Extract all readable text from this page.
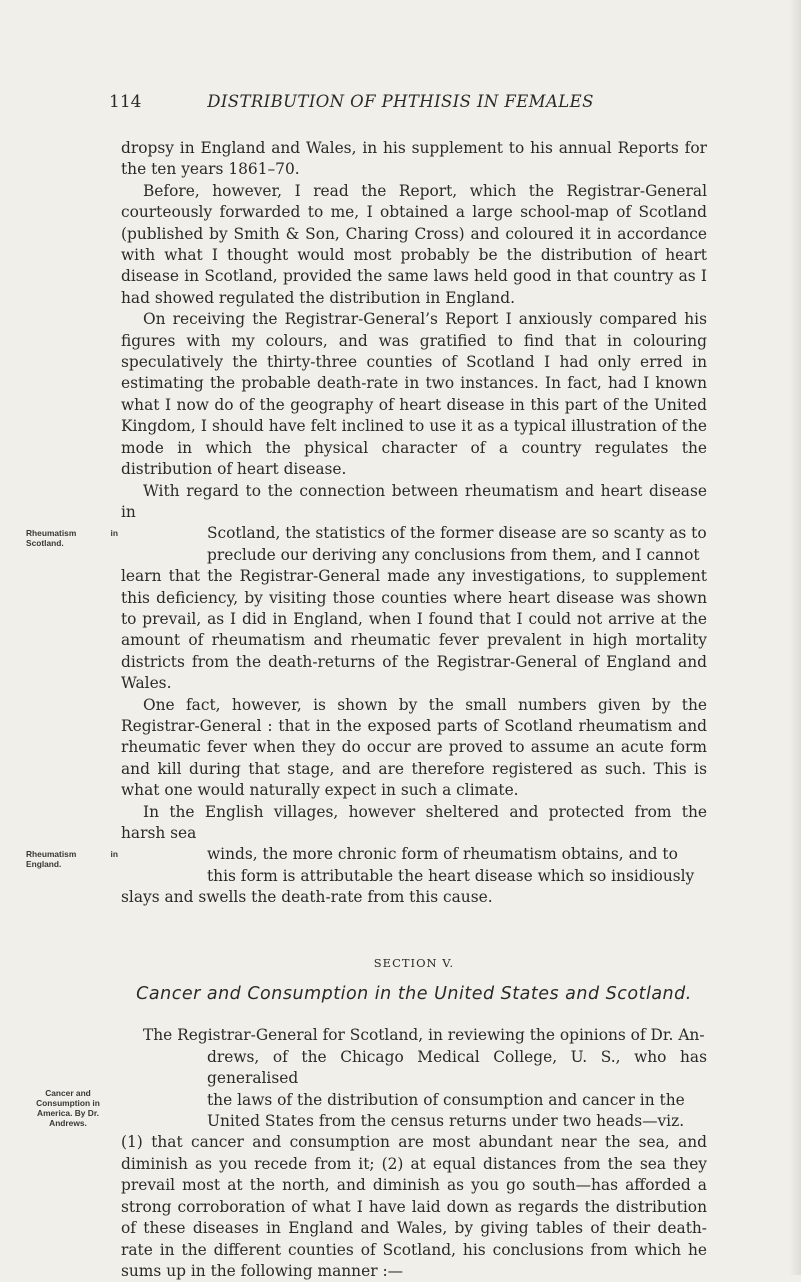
114	DISTRIBUTION OF PHTHISIS IN FEMALES

dropsy in England and Wales, in his supplement to his annual Reports for the ten years 1861–70.

Before, however, I read the Report, which the Registrar-General courteously forwarded to me, I obtained a large school-map of Scotland (published by Smith & Son, Charing Cross) and coloured it in accordance with what I thought would most probably be the distribution of heart disease in Scotland, provided the same laws held good in that country as I had showed regulated the distribution in England.

On receiving the Registrar-General’s Report I anxiously compared his figures with my colours, and was gratified to find that in colouring speculatively the thirty-three counties of Scotland I had only erred in estimating the probable death-rate in two instances. In fact, had I known what I now do of the geography of heart disease in this part of the United Kingdom, I should have felt inclined to use it as a typical illustration of the mode in which the physical character of a country regulates the distribution of heart disease.

With regard to the connection between rheumatism and heart disease in
Scotland, the statistics of the former disease are so scanty as to
Rheumatism in Scotland.
preclude our deriving any conclusions from them, and I cannot
learn that the Registrar-General made any investigations, to supplement this deficiency, by visiting those counties where heart disease was shown to prevail, as I did in England, when I found that I could not arrive at the amount of rheumatism and rheumatic fever prevalent in high mortality districts from the death-returns of the Registrar-General of England and Wales.

One fact, however, is shown by the small numbers given by the Registrar-General : that in the exposed parts of Scotland rheumatism and rheumatic fever when they do occur are proved to assume an acute form and kill during that stage, and are therefore registered as such. This is what one would naturally expect in such a climate.

In the English villages, however sheltered and protected from the harsh sea
winds, the more chronic form of rheumatism obtains, and to
Rheumatism in England.
this form is attributable the heart disease which so insidiously
slays and swells the death-rate from this cause.
SECTION V.
Cancer and Consumption in the United States and Scotland.
The Registrar-General for Scotland, in reviewing the opinions of Dr. An-
drews, of the Chicago Medical College, U. S., who has generalised
Cancer and Consumption in America. By Dr. Andrews.
the laws of the distribution of consumption and cancer in the
United States from the census returns under two heads—viz.
(1) that cancer and consumption are most abundant near the sea, and diminish as you recede from it; (2) at equal distances from the sea they prevail most at the north, and diminish as you go south—has afforded a strong corroboration of what I have laid down as regards the distribution of these diseases in England and Wales, by giving tables of their death-rate in the different counties of Scotland, his conclusions from which he sums up in the following manner :—
